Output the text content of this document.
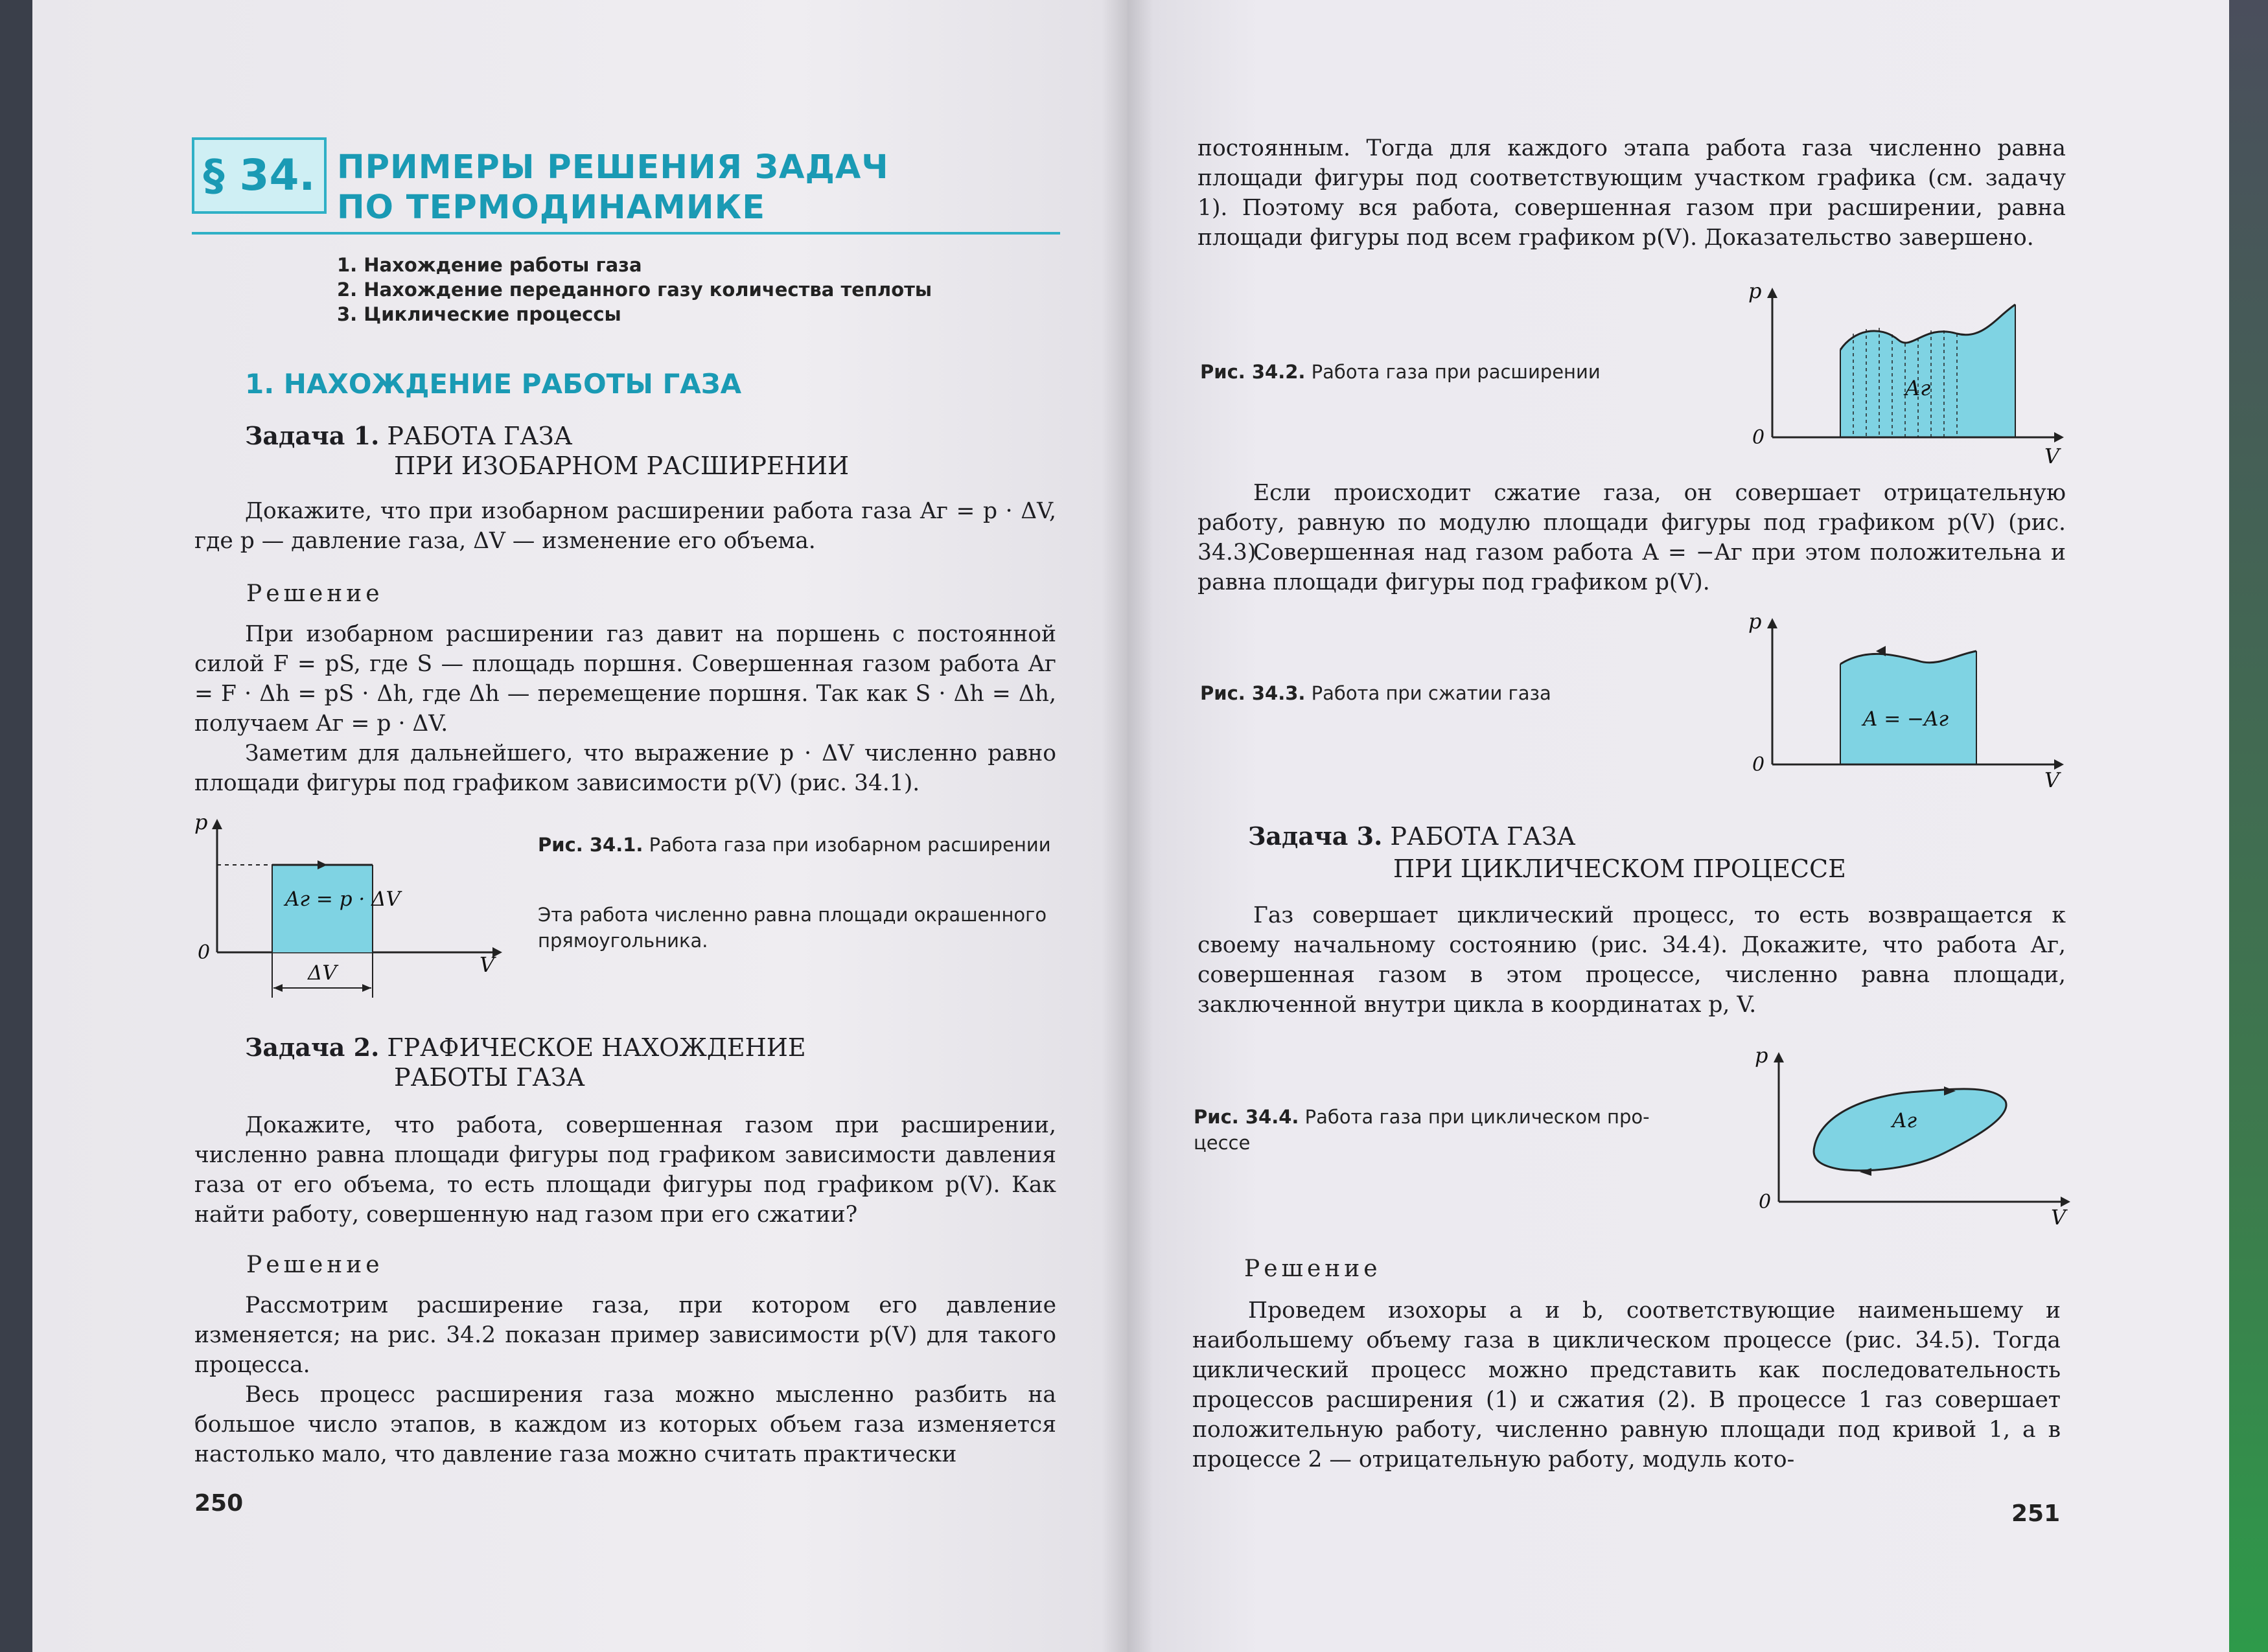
§ 34. ПРИМЕРЫ РЕШЕНИЯ ЗАДАЧ
ПО ТЕРМОДИНАМИКЕ
1. Нахождение работы газа
2. Нахождение переданного газу количества теплоты
3. Циклические процессы
1. НАХОЖДЕНИЕ РАБОТЫ ГАЗА
Задача 1. РАБОТА ГАЗА
ПРИ ИЗОБАРНОМ РАСШИРЕНИИ
Докажите, что при изобарном расширении работа газа Aг = p · ΔV, где p — давление газа, ΔV — изменение его объема.
Решение
При изобарном расширении газ давит на поршень с постоянной силой F = pS, где S — площадь поршня. Совершенная газом работа Aг = F · Δh = pS · Δh, где Δh — перемещение поршня. Так как S · Δh = Δh, получаем Aг = p · ΔV.
Заметим для дальнейшего, что выражение p · ΔV численно равно площади фигуры под графиком зависимости p(V) (рис. 34.1).
Aг = p · ΔV
ΔV
p
V
0
Рис. 34.1. Работа газа при изобарном расширении
Эта работа численно равна площади окрашенного прямоугольника.
Задача 2. ГРАФИЧЕСКОЕ НАХОЖДЕНИЕ
РАБОТЫ ГАЗА
Докажите, что работа, совершенная газом при расширении, численно равна площади фигуры под графиком зависимости давления газа от его объема, то есть площади фигуры под графиком p(V). Как найти работу, совершенную над газом при его сжатии?
Решение
Рассмотрим расширение газа, при котором его давление изменяется; на рис. 34.2 показан пример зависимости p(V) для такого процесса.
Весь процесс расширения газа можно мысленно разбить на большое число этапов, в каждом из которых объем газа изменяется настолько мало, что давление газа можно считать практически
250
постоянным. Тогда для каждого этапа работа газа численно равна площади фигуры под соответствующим участком графика (см. задачу 1). Поэтому вся работа, совершенная газом при расширении, равна площади фигуры под всем графиком p(V). Доказательство завершено.
Рис. 34.2. Работа газа при расширении
Aг
p
V
0
Если происходит сжатие газа, он совершает отрицательную работу, равную по модулю площади фигуры под графиком p(V) (рис. 34.3).
Совершенная над газом работа A = −Aг при этом положительна и равна площади фигуры под графиком p(V).
Рис. 34.3. Работа при сжатии газа
A = −Aг
p
V
0
Задача 3. РАБОТА ГАЗА
ПРИ ЦИКЛИЧЕСКОМ ПРОЦЕССЕ
Газ совершает циклический процесс, то есть возвращается к своему начальному состоянию (рис. 34.4). Докажите, что работа Aг, совершенная газом в этом процессе, численно равна площади, заключенной внутри цикла в координатах p, V.
Рис. 34.4. Работа газа при циклическом про-
цессе
Aг
p
V
0
Решение
Проведем изохоры a и b, соответствующие наименьшему и наибольшему объему газа в циклическом процессе (рис. 34.5). Тогда циклический процесс можно представить как последовательность процессов расширения (1) и сжатия (2). В процессе 1 газ совершает положительную работу, численно равную площади под кривой 1, а в процессе 2 — отрицательную работу, модуль кото-
251
